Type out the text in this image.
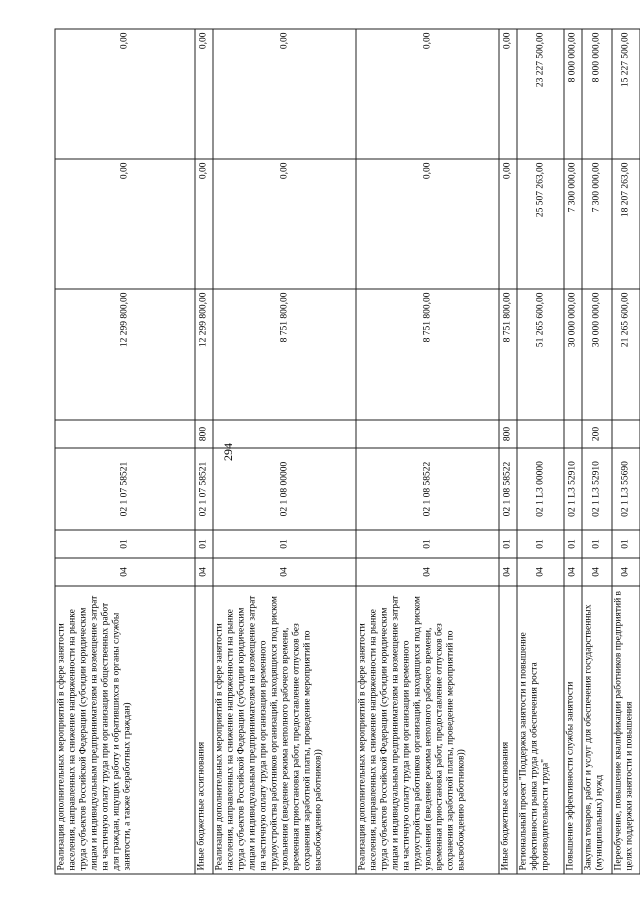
294
Реализация дополнительных мероприятий в сфере занятости населения, направленных на снижение напряженности на рынке труда субъектов Российской Федерации (субсидии юридическим лицам и индивидуальным предпринимателям на возмещение затрат на частичную оплату труда при организации общественных работ для граждан, ищущих работу и обратившихся в органы службы занятости, а также безработных граждан)	04	01	02 1 07 58521		12 299 800,00	0,00	0,00
Иные бюджетные ассигнования	04	01	02 1 07 58521	800	12 299 800,00	0,00	0,00
Реализация дополнительных мероприятий в сфере занятости населения, направленных на снижение напряженности на рынке труда субъектов Российской Федерации (субсидии юридическим лицам и индивидуальным предпринимателям на возмещение затрат на частичную оплату труда при организации временного трудоустройства работников организаций, находящихся под риском увольнения (введение режима неполного рабочего времени, временная приостановка работ, предоставление отпусков без сохранения заработной платы, проведение мероприятий по высвобождению работников))	04	01	02 1 08 00000		8 751 800,00	0,00	0,00
Реализация дополнительных мероприятий в сфере занятости населения, направленных на снижение напряженности на рынке труда субъектов Российской Федерации (субсидии юридическим лицам и индивидуальным предпринимателям на возмещение затрат на частичную оплату труда при организации временного трудоустройства работников организаций, находящихся под риском увольнения (введение режима неполного рабочего времени, временная приостановка работ, предоставление отпусков без сохранения заработной платы, проведение мероприятий по высвобождению работников))	04	01	02 1 08 58522		8 751 800,00	0,00	0,00
Иные бюджетные ассигнования	04	01	02 1 08 58522	800	8 751 800,00	0,00	0,00
Региональный проект "Поддержка занятости и повышение эффективности рынка труда для обеспечения роста производительности труда"	04	01	02 1 L3 00000		51 265 600,00	25 507 263,00	23 227 500,00
Повышение эффективности службы занятости	04	01	02 1 L3 52910		30 000 000,00	7 300 000,00	8 000 000,00
Закупка товаров, работ и услуг для обеспечения государственных (муниципальных) нужд	04	01	02 1 L3 52910	200	30 000 000,00	7 300 000,00	8 000 000,00
Переобучение, повышение квалификации работников предприятий в целях поддержки занятости и повышения	04	01	02 1 L3 55690		21 265 600,00	18 207 263,00	15 227 500,00
